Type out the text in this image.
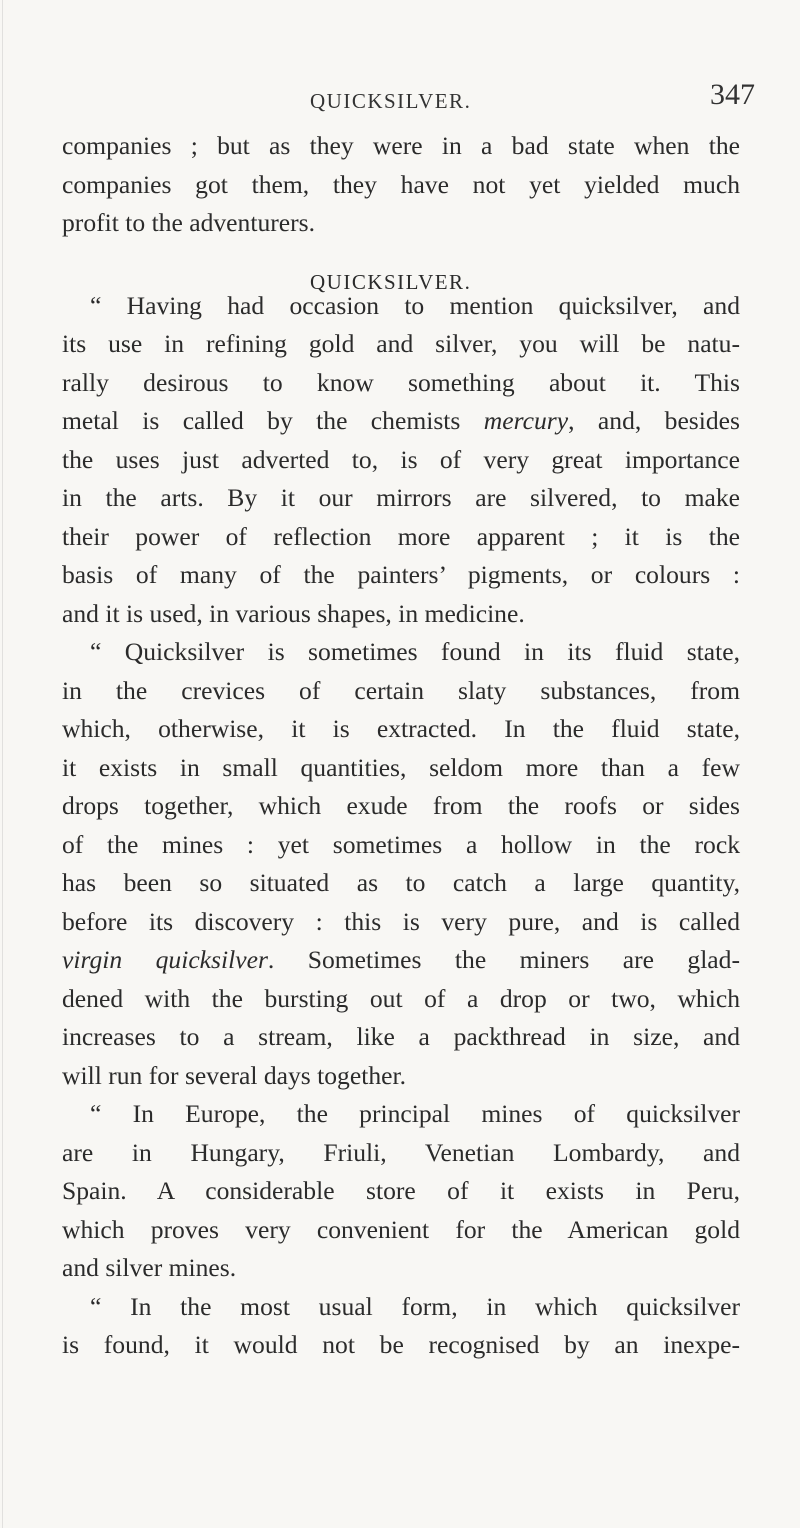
QUICKSILVER.	347
companies ; but as they were in a bad state when the
companies got them, they have not yet yielded much
profit to the adventurers.
QUICKSILVER.
“ Having had occasion to mention quicksilver, and
its use in refining gold and silver, you will be natu-
rally desirous to know something about it. This
metal is called by the chemists mercury, and, besides
the uses just adverted to, is of very great importance
in the arts. By it our mirrors are silvered, to make
their power of reflection more apparent ; it is the
basis of many of the painters’ pigments, or colours :
and it is used, in various shapes, in medicine.
“ Quicksilver is sometimes found in its fluid state,
in the crevices of certain slaty substances, from
which, otherwise, it is extracted. In the fluid state,
it exists in small quantities, seldom more than a few
drops together, which exude from the roofs or sides
of the mines : yet sometimes a hollow in the rock
has been so situated as to catch a large quantity,
before its discovery : this is very pure, and is called
virgin quicksilver. Sometimes the miners are glad-
dened with the bursting out of a drop or two, which
increases to a stream, like a packthread in size, and
will run for several days together.
“ In Europe, the principal mines of quicksilver
are in Hungary, Friuli, Venetian Lombardy, and
Spain. A considerable store of it exists in Peru,
which proves very convenient for the American gold
and silver mines.
“ In the most usual form, in which quicksilver
is found, it would not be recognised by an inexpe-
